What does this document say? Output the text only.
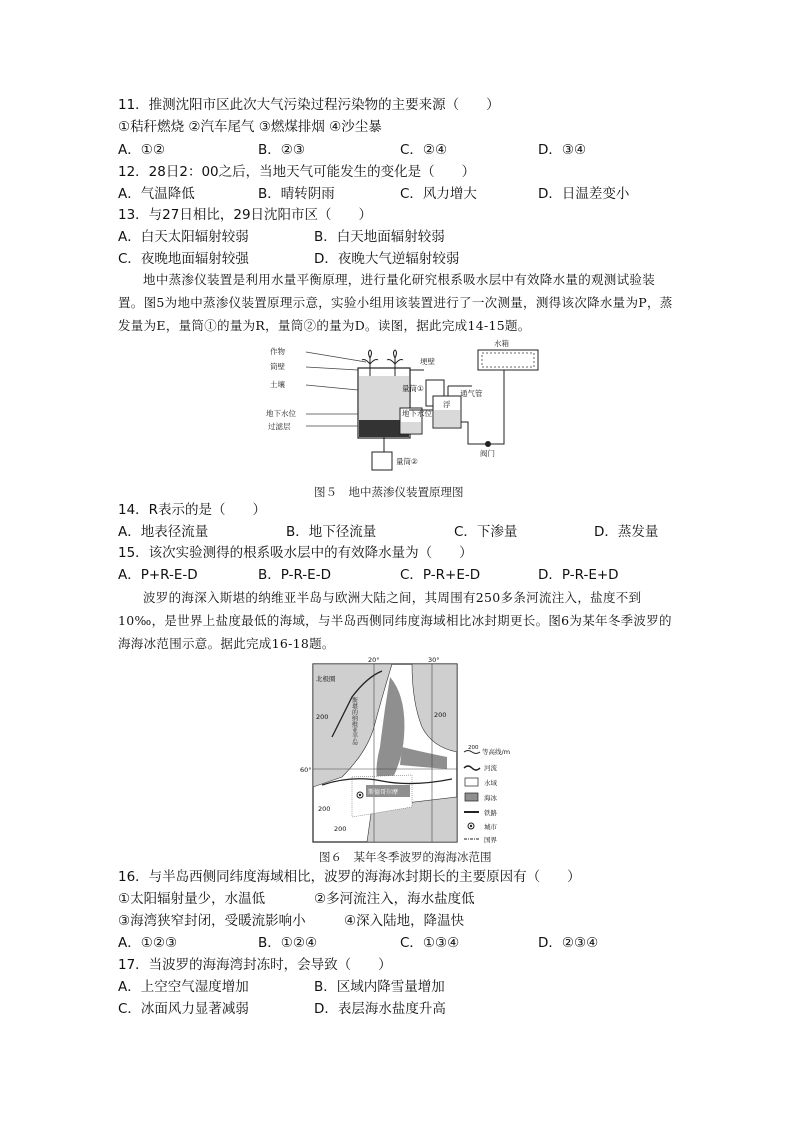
11．推测沈阳市区此次大气污染过程污染物的主要来源（　　）
①秸秆燃烧 ②汽车尾气 ③燃煤排烟 ④沙尘暴
A．①②	B．②③	C．②④	D．③④
12．28日2：00之后，当地天气可能发生的变化是（　　）
A．气温降低	B．晴转阴雨	C．风力增大	D．日温差变小
13．与27日相比，29日沈阳市区（　　）
A．白天太阳辐射较弱	B．白天地面辐射较弱
C．夜晚地面辐射较强	D．夜晚大气逆辐射较弱
地中蒸渗仪装置是利用水量平衡原理，进行量化研究根系吸水层中有效降水量的观测试验装置。图5为地中蒸渗仪装置原理示意，实验小组用该装置进行了一次测量，测得该次降水量为P，蒸发量为E，量筒①的量为R，量筒②的量为D。读图，据此完成14-15题。
作物
筒壁
土壤
地下水位
过滤层
埂壁
量筒①
量筒②
地下水位
通气管
水箱
阀门
浮
图５　地中蒸渗仪装置原理图
14．R表示的是（　　）
A．地表径流量	B．地下径流量	C．下渗量	D．蒸发量
15．该次实验测得的根系吸水层中的有效降水量为（　　）
A．P+R-E-D	B．P-R-E-D	C．P-R+E-D	D．P-R-E+D
波罗的海深入斯堪的纳维亚半岛与欧洲大陆之间，其周围有250多条河流注入，盐度不到10‰，是世界上盐度最低的海域，与半岛西侧同纬度海域相比冰封期更长。图6为某年冬季波罗的海海冰范围示意。据此完成16-18题。
20°	30°
60°
北极圈
斯德哥尔摩
200	200
200
200
斯堪的纳维亚半岛
200 等高线/m
河流
水域
海冰
铁路
城市
国界
图６　某年冬季波罗的海海冰范围
16．与半岛西侧同纬度海域相比，波罗的海海冰封期长的主要原因有（　　）
①太阳辐射量少，水温低	②多河流注入，海水盐度低
③海湾狭窄封闭，受暖流影响小	④深入陆地，降温快
A．①②③	B．①②④	C．①③④	D．②③④
17．当波罗的海海湾封冻时，会导致（　　）
A．上空空气湿度增加	B．区域内降雪量增加
C．冰面风力显著减弱	D．表层海水盐度升高
